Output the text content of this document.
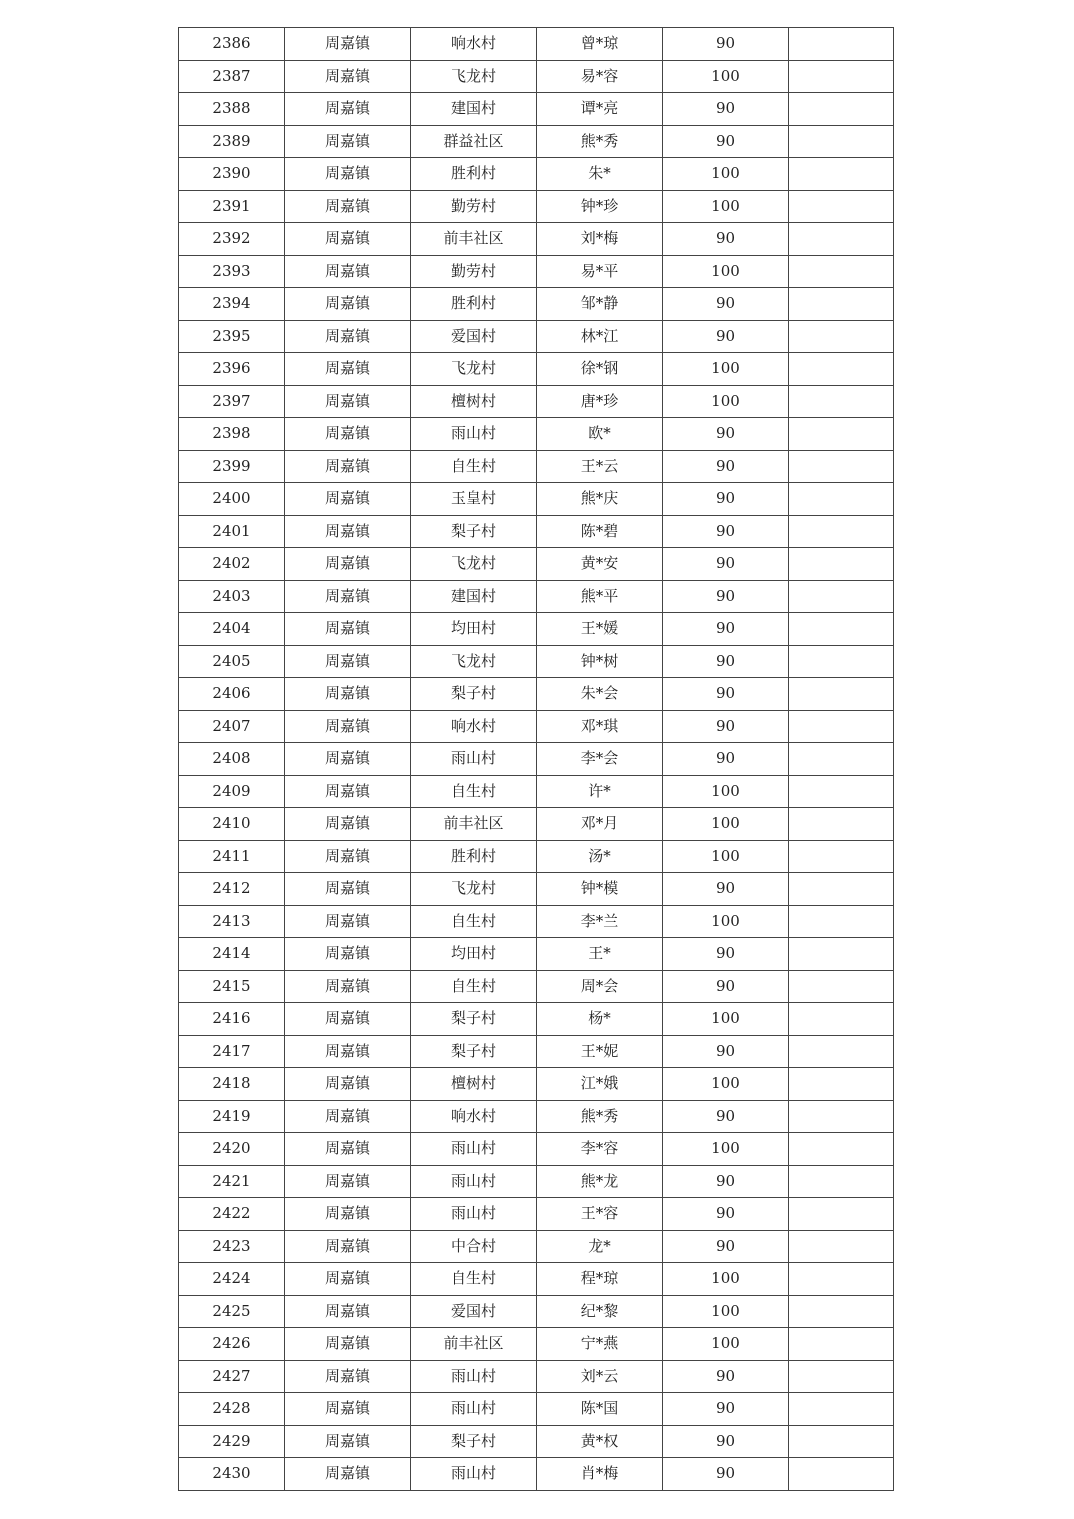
2386	周嘉镇	响水村	曾*琼	90	
2387	周嘉镇	飞龙村	易*容	100	
2388	周嘉镇	建国村	谭*亮	90	
2389	周嘉镇	群益社区	熊*秀	90	
2390	周嘉镇	胜利村	朱*	100	
2391	周嘉镇	勤劳村	钟*珍	100	
2392	周嘉镇	前丰社区	刘*梅	90	
2393	周嘉镇	勤劳村	易*平	100	
2394	周嘉镇	胜利村	邹*静	90	
2395	周嘉镇	爱国村	林*江	90	
2396	周嘉镇	飞龙村	徐*钢	100	
2397	周嘉镇	檀树村	唐*珍	100	
2398	周嘉镇	雨山村	欧*	90	
2399	周嘉镇	自生村	王*云	90	
2400	周嘉镇	玉皇村	熊*庆	90	
2401	周嘉镇	梨子村	陈*碧	90	
2402	周嘉镇	飞龙村	黄*安	90	
2403	周嘉镇	建国村	熊*平	90	
2404	周嘉镇	均田村	王*媛	90	
2405	周嘉镇	飞龙村	钟*树	90	
2406	周嘉镇	梨子村	朱*会	90	
2407	周嘉镇	响水村	邓*琪	90	
2408	周嘉镇	雨山村	李*会	90	
2409	周嘉镇	自生村	许*	100	
2410	周嘉镇	前丰社区	邓*月	100	
2411	周嘉镇	胜利村	汤*	100	
2412	周嘉镇	飞龙村	钟*模	90	
2413	周嘉镇	自生村	李*兰	100	
2414	周嘉镇	均田村	王*	90	
2415	周嘉镇	自生村	周*会	90	
2416	周嘉镇	梨子村	杨*	100	
2417	周嘉镇	梨子村	王*妮	90	
2418	周嘉镇	檀树村	江*娥	100	
2419	周嘉镇	响水村	熊*秀	90	
2420	周嘉镇	雨山村	李*容	100	
2421	周嘉镇	雨山村	熊*龙	90	
2422	周嘉镇	雨山村	王*容	90	
2423	周嘉镇	中合村	龙*	90	
2424	周嘉镇	自生村	程*琼	100	
2425	周嘉镇	爱国村	纪*黎	100	
2426	周嘉镇	前丰社区	宁*燕	100	
2427	周嘉镇	雨山村	刘*云	90	
2428	周嘉镇	雨山村	陈*国	90	
2429	周嘉镇	梨子村	黄*权	90	
2430	周嘉镇	雨山村	肖*梅	90	
